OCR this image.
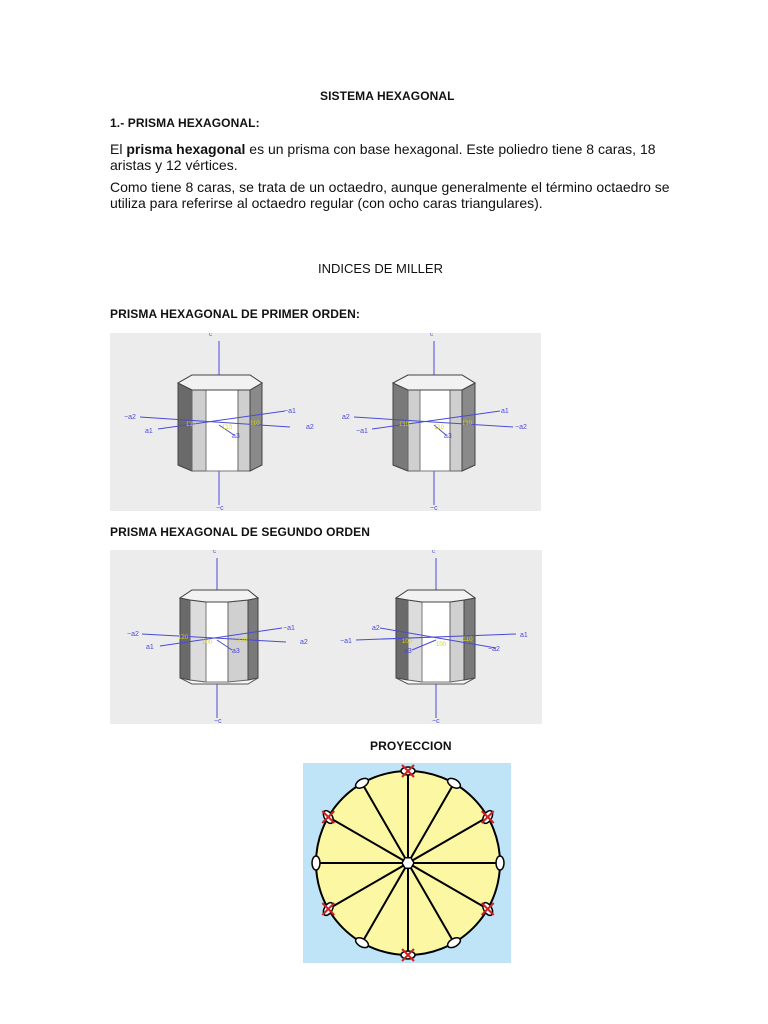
SISTEMA HEXAGONAL
1.- PRISMA HEXAGONAL:
El prisma hexagonal es un prisma con base hexagonal. Este poliedro tiene 8 caras, 18 aristas y 12 vértices.
Como tiene 8 caras, se trata de un octaedro, aunque generalmente el término octaedro se utiliza para referirse al octaedro regular (con ocho caras triangulares).
INDICES DE MILLER
PRISMA HEXAGONAL DE PRIMER ORDEN:
c
−c
−a2
a1
−a1
a2
a3
1̄10	1̄10
110
c
−c
a2
−a1
a1
−a2
a3
1̄10	1̄10
1̄10
PRISMA HEXAGONAL DE SEGUNDO ORDEN
c
−c
−a2
a1
−a1
a2
a3
1̄20
1̄00	2̄10
c
−c
a2
−a1
a1
−a2
a3
1̄00	1̄00
110
PROYECCION
